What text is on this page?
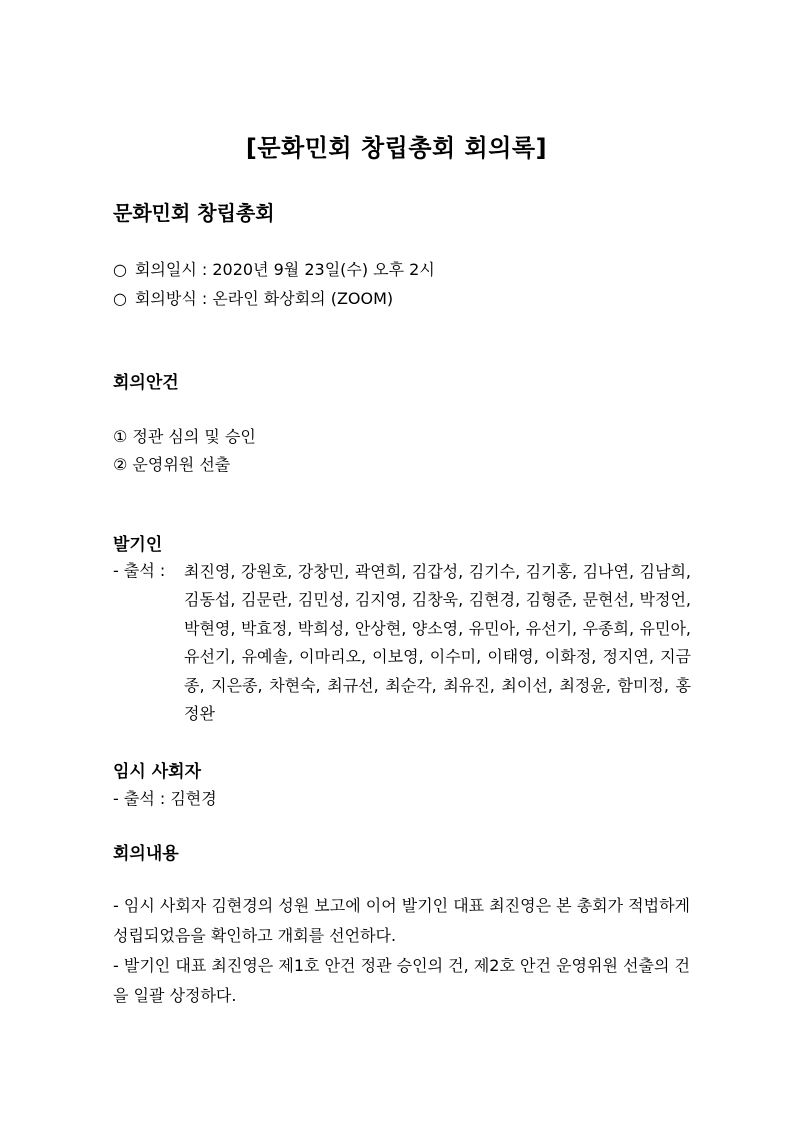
[문화민회 창립총회 회의록]
문화민회 창립총회
○ 회의일시 : 2020년 9월 23일(수) 오후 2시
○ 회의방식 : 온라인 화상회의 (ZOOM)
회의안건
① 정관 심의 및 승인
② 운영위원 선출
발기인
- 출석 : 최진영, 강원호, 강창민, 곽연희, 김갑성, 김기수, 김기홍, 김나연, 김남희, 김동섭, 김문란, 김민성, 김지영, 김창욱, 김현경, 김형준, 문현선, 박정언, 박현영, 박효정, 박희성, 안상현, 양소영, 유민아, 유선기, 우종희, 유민아, 유선기, 유예솔, 이마리오, 이보영, 이수미, 이태영, 이화정, 정지연, 지금종, 지은종, 차현숙, 최규선, 최순각, 최유진, 최이선, 최정윤, 함미정, 홍정완
임시 사회자
- 출석 : 김현경
회의내용
- 임시 사회자 김현경의 성원 보고에 이어 발기인 대표 최진영은 본 총회가 적법하게 성립되었음을 확인하고 개회를 선언하다.
- 발기인 대표 최진영은 제1호 안건 정관 승인의 건, 제2호 안건 운영위원 선출의 건을 일괄 상정하다.
